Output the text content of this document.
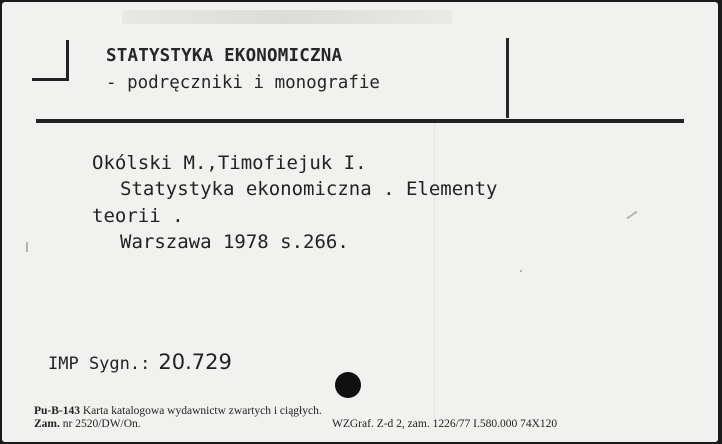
STATYSTYKA EKONOMICZNA
- podręczniki i monografie
Okólski M.,Timofiejuk I.
Statystyka ekonomiczna . Elementy
teorii .
Warszawa 1978 s.266.
IMP Sygn.: 20.729
Pu-B-143 Karta katalogowa wydawnictw zwartych i ciągłych.
Zam. nr 2520/DW/On.	WZGraf. Z-d 2, zam. 1226/77 I.580.000 74X120
